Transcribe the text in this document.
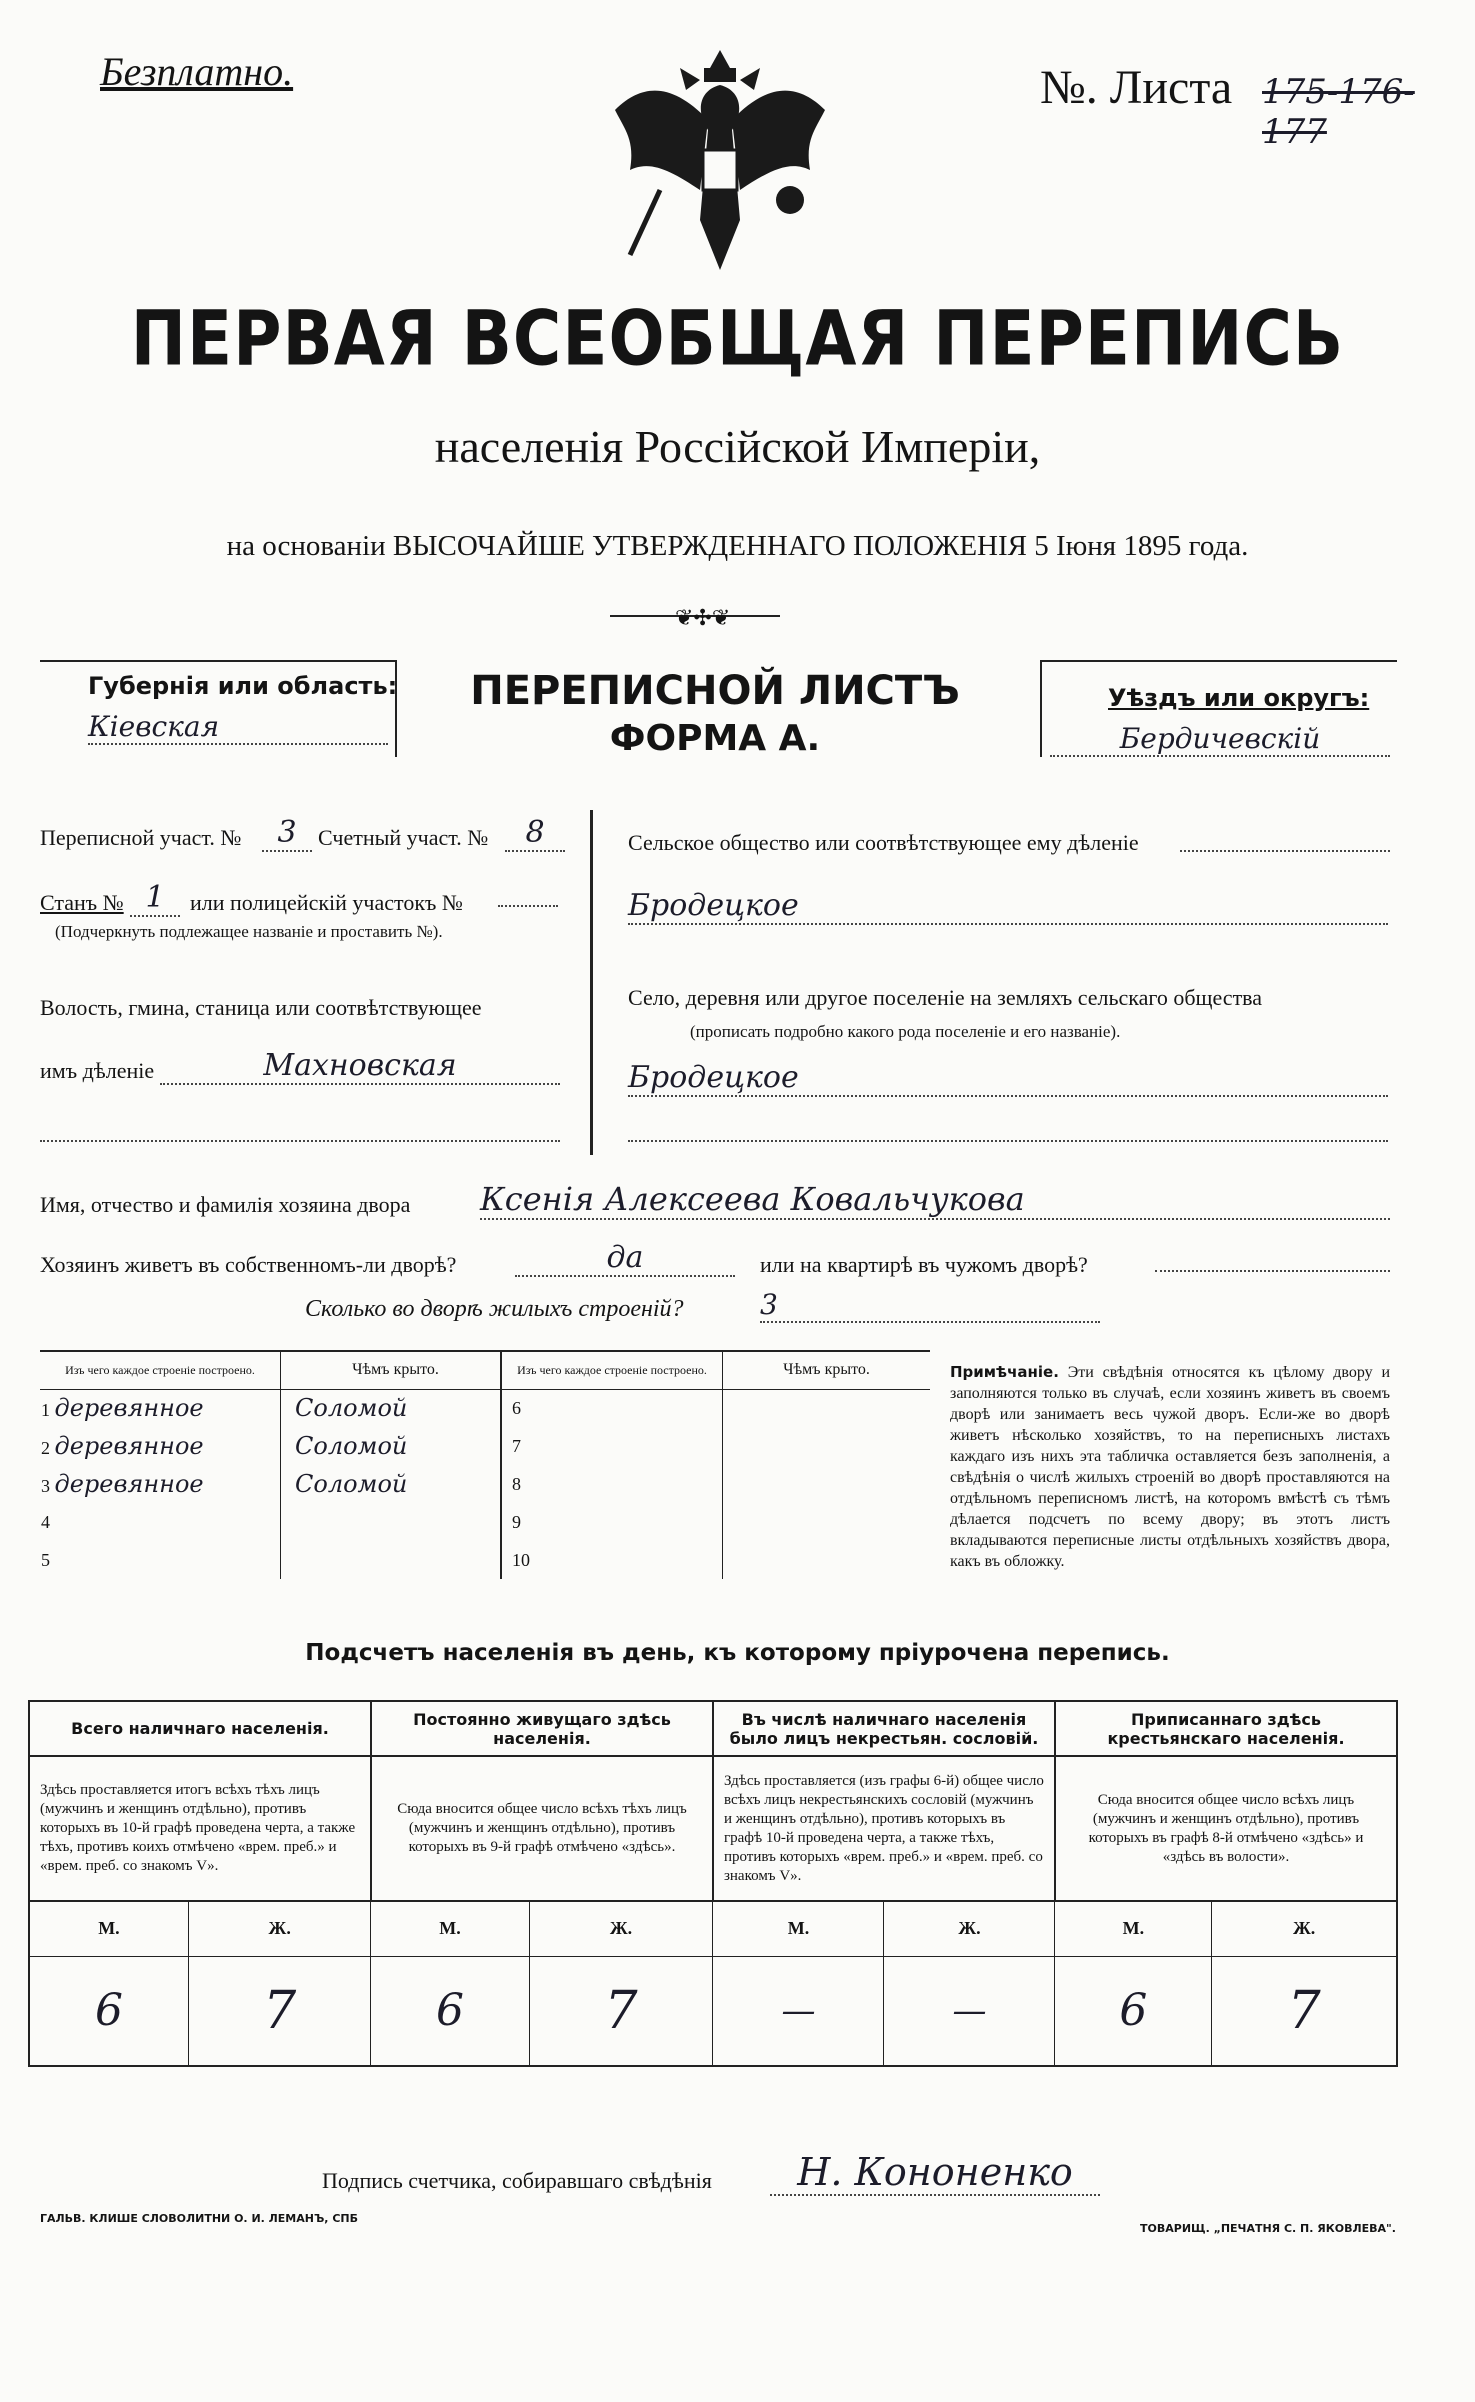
Безплатно.	№. Листа 175-176-177
ПЕРВАЯ ВСЕОБЩАЯ ПЕРЕПИСЬ
населенія Россійской Имперіи,
на основаніи ВЫСОЧАЙШЕ УТВЕРЖДЕННАГО ПОЛОЖЕНІЯ 5 Іюня 1895 года.
❦✣❦
Губернія или область:
Кіевская
ПЕРЕПИСНОЙ ЛИСТЪ
ФОРМА А.
Уѣздъ или округъ:
Бердичевскій
Переписной участ. №	3 Счетный участ. №	8
Станъ № 1	или полицейскій участокъ №
(Подчеркнуть подлежащее названіе и проставить №).
Волость, гмина, станица или соотвѣтствующее
имъ дѣленіе	Махновская
Сельское общество или соотвѣтствующее ему дѣленіе
Бродецкое
Село, деревня или другое поселеніе на земляхъ сельскаго общества
(прописать подробно какого рода поселеніе и его названіе).
Бродецкое
Имя, отчество и фамилія хозяина двора Ксенія Алексеева Ковальчукова
Хозяинъ живетъ въ собственномъ-ли дворѣ?	да	или на квартирѣ въ чужомъ дворѣ?
Сколько во дворѣ жилыхъ строеній?	3
Изъ чего каждое строеніе построено.	Чѣмъ крыто.
1 деревянное	Соломой
2 деревянное	Соломой
3 деревянное	Соломой
4	
5	
Изъ чего каждое строеніе построено.	Чѣмъ крыто.
6	
7	
8	
9	
10	
Примѣчаніе. Эти свѣдѣнія относятся къ цѣлому двору и заполняются только въ случаѣ, если хозяинъ живетъ въ своемъ дворѣ или занимаетъ весь чужой дворъ. Если-же во дворѣ живетъ нѣсколько хозяйствъ, то на переписныхъ листахъ каждаго изъ нихъ эта табличка оставляется безъ заполненія, а свѣдѣнія о числѣ жилыхъ строеній во дворѣ проставляются на отдѣльномъ переписномъ листѣ, на которомъ вмѣстѣ съ тѣмъ дѣлается подсчетъ по всему двору; въ этотъ листъ вкладываются переписные листы отдѣльныхъ хозяйствъ двора, какъ въ обложку.
Подсчетъ населенія въ день, къ которому пріурочена перепись.
Всего наличнаго населенія.		Постоянно живущаго здѣсь населенія.		Въ числѣ наличнаго населенія было лицъ некрестьян. сословій.		Приписаннаго здѣсь крестьянскаго населенія.	
Здѣсь проставляется итогъ всѣхъ тѣхъ лицъ (мужчинъ и женщинъ отдѣльно), противъ которыхъ въ 10-й графѣ проведена черта, а также тѣхъ, противъ коихъ отмѣчено «врем. преб.» и «врем. преб. со знакомъ V».		Сюда вносится общее число всѣхъ тѣхъ лицъ (мужчинъ и женщинъ отдѣльно), противъ которыхъ въ 9-й графѣ отмѣчено «здѣсь».		Здѣсь проставляется (изъ графы 6-й) общее число всѣхъ лицъ некрестьянскихъ сословій (мужчинъ и женщинъ отдѣльно), противъ которыхъ въ графѣ 10-й проведена черта, а также тѣхъ, противъ которыхъ «врем. преб.» и «врем. преб. со знакомъ V».		Сюда вносится общее число всѣхъ лицъ (мужчинъ и женщинъ отдѣльно), противъ которыхъ въ графѣ 8-й отмѣчено «здѣсь» и «здѣсь въ волости».	
М.	Ж.	М.	Ж.	М.	Ж.	М.	Ж.
6	7	6	7	—	—	6	7
Подпись счетчика, собиравшаго свѣдѣнія	Н. Кононенко
ГАЛЬВ. КЛИШЕ СЛОВОЛИТНИ О. И. ЛЕМАНЪ, СПБ
ТОВАРИЩ. „ПЕЧАТНЯ С. П. ЯКОВЛЕВА".
